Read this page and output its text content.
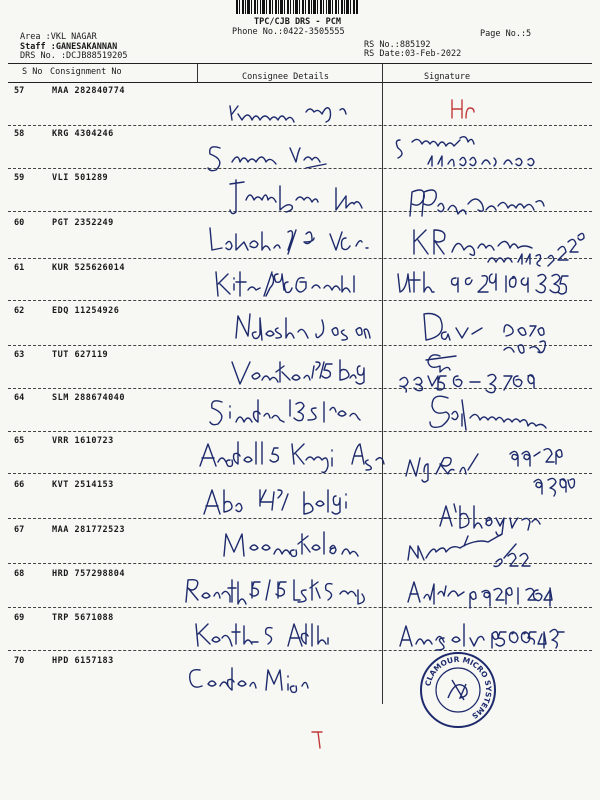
TPC/CJB DRS - PCM
Phone No.:0422-3505555
Area :VKL NAGAR
Staff :GANESAKANNAN
DRS No. :DCJB88519205
Page No.:5
RS No.:885192
RS Date:03-Feb-2022
S No Consignment No	Consignee Details	Signature
57	MAA 282840774
58	KRG 4304246
59	VLI 501289
60	PGT 2352249
61	KUR 525626014
62	EDQ 11254926
63	TUT 627119
64	SLM 288674040
65	VRR 1610723
66	KVT 2514153
67	MAA 281772523
68	HRD 757298804
69	TRP 5671088
70	HPD 6157183
CLAMOUR MICRO SYSTEMS
